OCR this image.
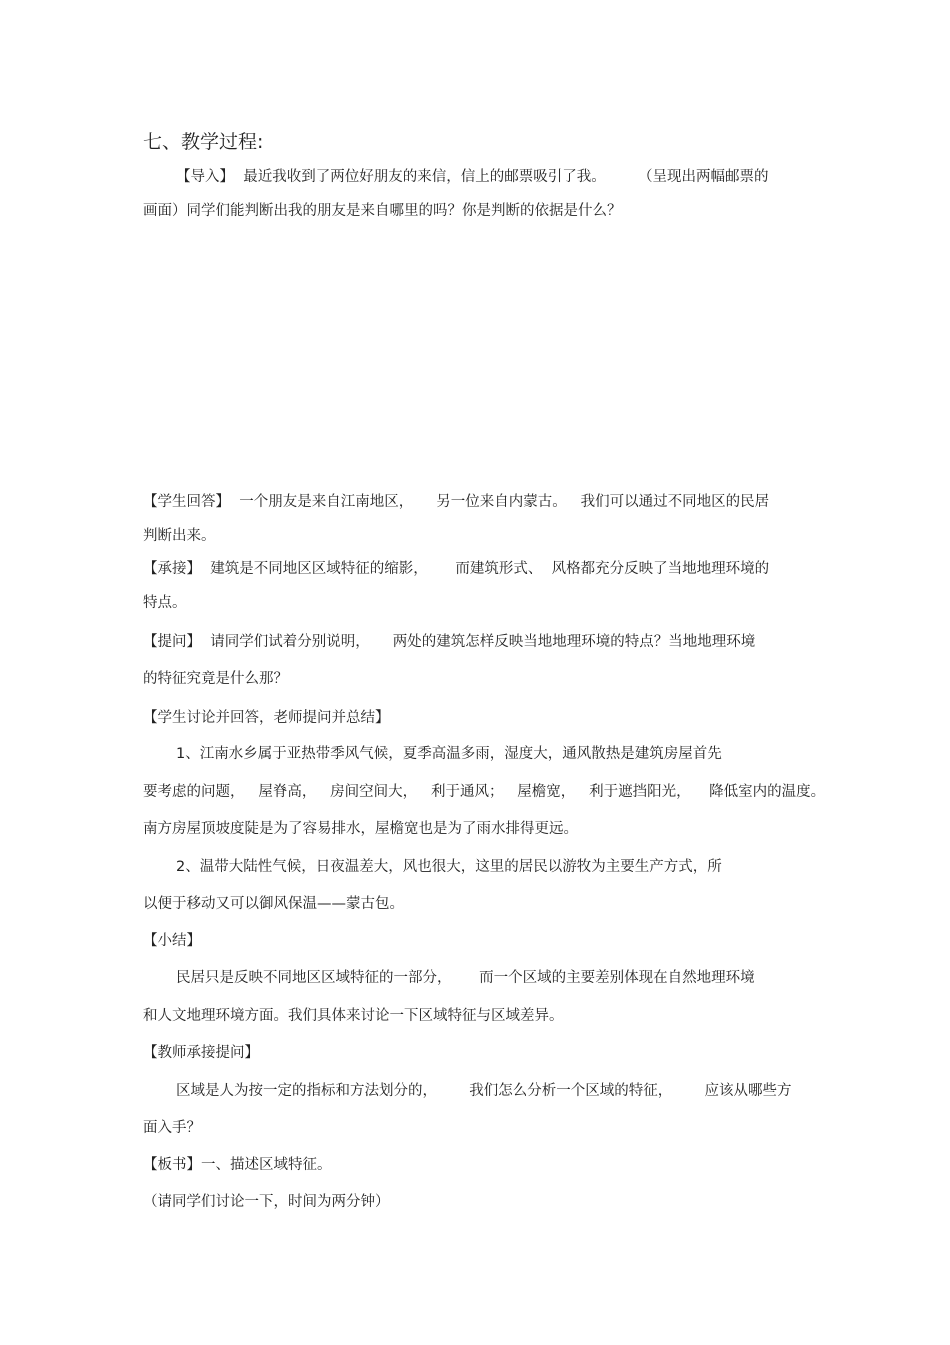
七、教学过程:
【导入】  最近我收到了两位好朋友的来信，信上的邮票吸引了我。       （呈现出两幅邮票的
画面）同学们能判断出我的朋友是来自哪里的吗？你是判断的依据是什么？
【学生回答】  一个朋友是来自江南地区，     另一位来自内蒙古。   我们可以通过不同地区的民居
判断出来。
【承接】  建筑是不同地区区域特征的缩影，      而建筑形式、  风格都充分反映了当地地理环境的
特点。
【提问】  请同学们试着分别说明，     两处的建筑怎样反映当地地理环境的特点？当地地理环境
的特征究竟是什么那？
【学生讨论并回答，老师提问并总结】
1、江南水乡属于亚热带季风气候，夏季高温多雨，湿度大，通风散热是建筑房屋首先
要考虑的问题，   屋脊高，   房间空间大，   利于通风；   屋檐宽，   利于遮挡阳光，    降低室内的温度。
南方房屋顶坡度陡是为了容易排水，屋檐宽也是为了雨水排得更远。
2、温带大陆性气候，日夜温差大，风也很大，这里的居民以游牧为主要生产方式，所
以便于移动又可以御风保温——蒙古包。
【小结】
民居只是反映不同地区区域特征的一部分，      而一个区域的主要差别体现在自然地理环境
和人文地理环境方面。我们具体来讨论一下区域特征与区域差异。
【教师承接提问】
区域是人为按一定的指标和方法划分的，       我们怎么分析一个区域的特征，       应该从哪些方
面入手？
【板书】一、描述区域特征。
（请同学们讨论一下，时间为两分钟）
